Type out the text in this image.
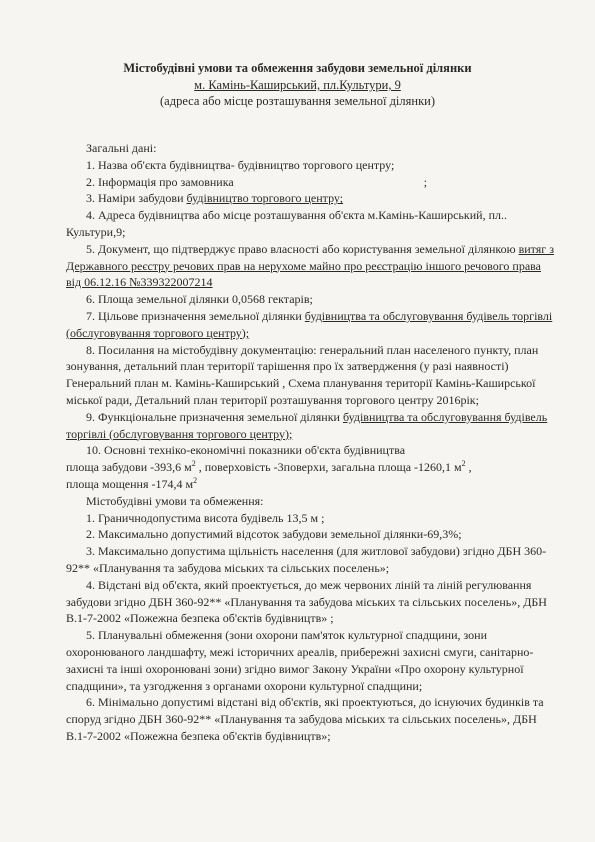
Містобудівні умови та обмеження забудови земельної ділянки
м. Камінь-Каширський, пл.Культури, 9
(адреса або місце розташування земельної ділянки)

Загальні дані:

1. Назва об'єкта будівництва- будівництво торгового центру;

2. Інформація про замовника	;

3. Наміри забудови будівництво торгового центру;

4. Адреса будівництва або місце розташування об'єкта м.Камінь-Каширський, пл.. Культури,9;

5. Документ, що підтверджує право власності або користування земельної ділянкою витяг з Державного реєстру речових прав на нерухоме майно про реєстрацію іншого речового права від 06.12.16 №339322007214

6. Площа земельної ділянки 0,0568 гектарів;

7. Цільове призначення земельної ділянки будівництва та обслуговування будівель торгівлі (обслуговування торгового центру);

8. Посилання на містобудівну документацію: генеральний план населеного пункту, план зонування, детальний план території тарішення про їх затвердження (у разі наявності) Генеральний план м. Камінь-Каширський , Схема планування території Камінь-Каширської міської ради, Детальний план території розташування торгового центру 2016рік;

9. Функціональне призначення земельної ділянки будівництва та обслуговування будівель торгівлі (обслуговування торгового центру);

10. Основні техніко-економічні показники об'єкта будівництва

площа забудови -393,6 $м^2$ , поверховість -3поверхи, загальна площа -1260,1 $м^2$ ,

площа мощення -174,4 $м^2$

Містобудівні умови та обмеження:

1. Граничнодопустима висота будівель 13,5 м ;

2. Максимально допустимий відсоток забудови земельної ділянки-69,3%;

3. Максимально допустима щільність населення (для житлової забудови) згідно ДБН 360-92** «Планування та забудова міських та сільських поселень»;

4. Відстані від об'єкта, який проектується, до меж червоних ліній та ліній регулювання забудови згідно ДБН 360-92** «Планування та забудова міських та сільських поселень», ДБН В.1-7-2002 «Пожежна безпека об'єктів будівництв» ;

5. Планувальні обмеження (зони охорони пам'яток культурної спадщини, зони охоронюваного ландшафту, межі історичних ареалів, прибережні захисні смуги, санітарно-захисні та інші охоронювані зони) згідно вимог Закону України «Про охорону культурної спадщини», та узгодження з органами охорони культурної спадщини;

6. Мінімально допустимі відстані від об'єктів, які проектуються, до існуючих будинків та споруд згідно ДБН 360-92** «Планування та забудова міських та сільських поселень», ДБН В.1-7-2002 «Пожежна безпека об'єктів будівництв»;
